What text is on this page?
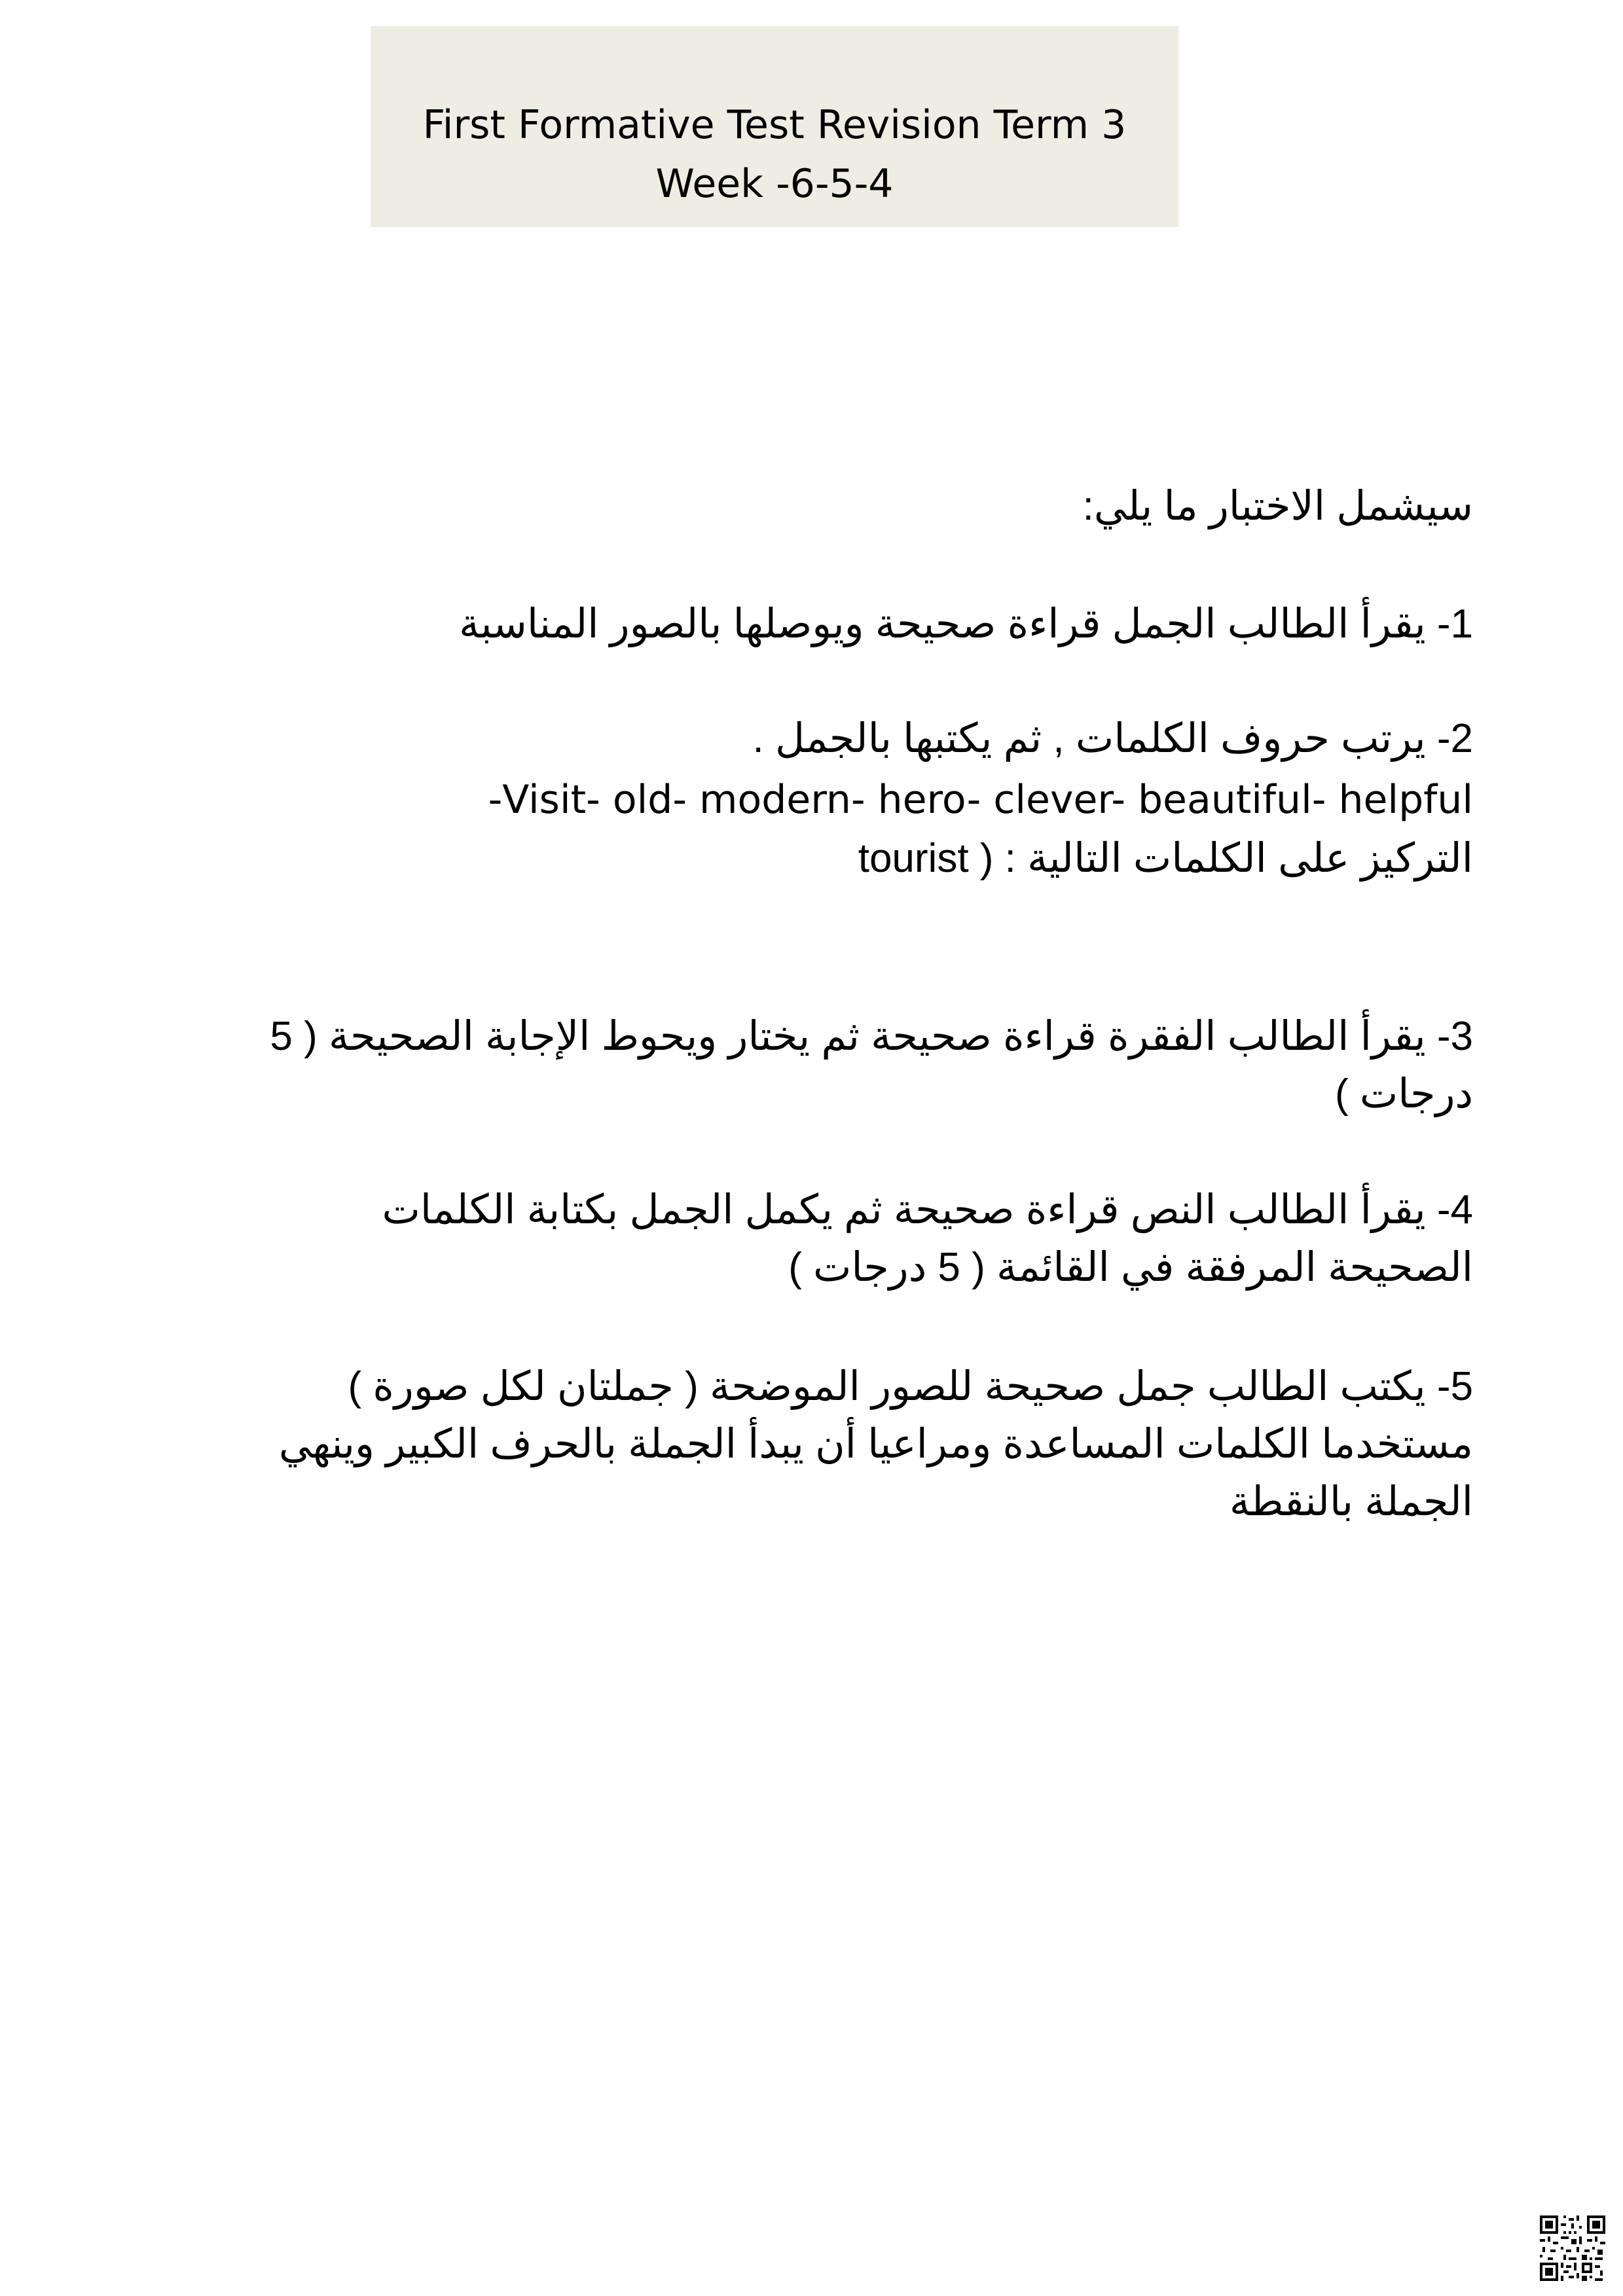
First Formative Test Revision Term 3
Week -6-5-4
سيشمل الاختبار ما يلي:
1- يقرأ الطالب الجمل قراءة صحيحة ويوصلها بالصور المناسبة
2- يرتب حروف الكلمات , ثم يكتبها بالجمل .
Visit- old- modern- hero- clever- beautiful- helpful-
التركيز على الكلمات التالية : ( tourist
3- يقرأ الطالب الفقرة قراءة صحيحة ثم يختار ويحوط الإجابة الصحيحة ( 5 درجات )
4- يقرأ الطالب النص قراءة صحيحة ثم يكمل الجمل بكتابة الكلمات الصحيحة المرفقة في القائمة ( 5 درجات )
5- يكتب الطالب جمل صحيحة للصور الموضحة ( جملتان لكل صورة ) مستخدما الكلمات المساعدة ومراعيا أن يبدأ الجملة بالحرف الكبير وينهي الجملة بالنقطة
